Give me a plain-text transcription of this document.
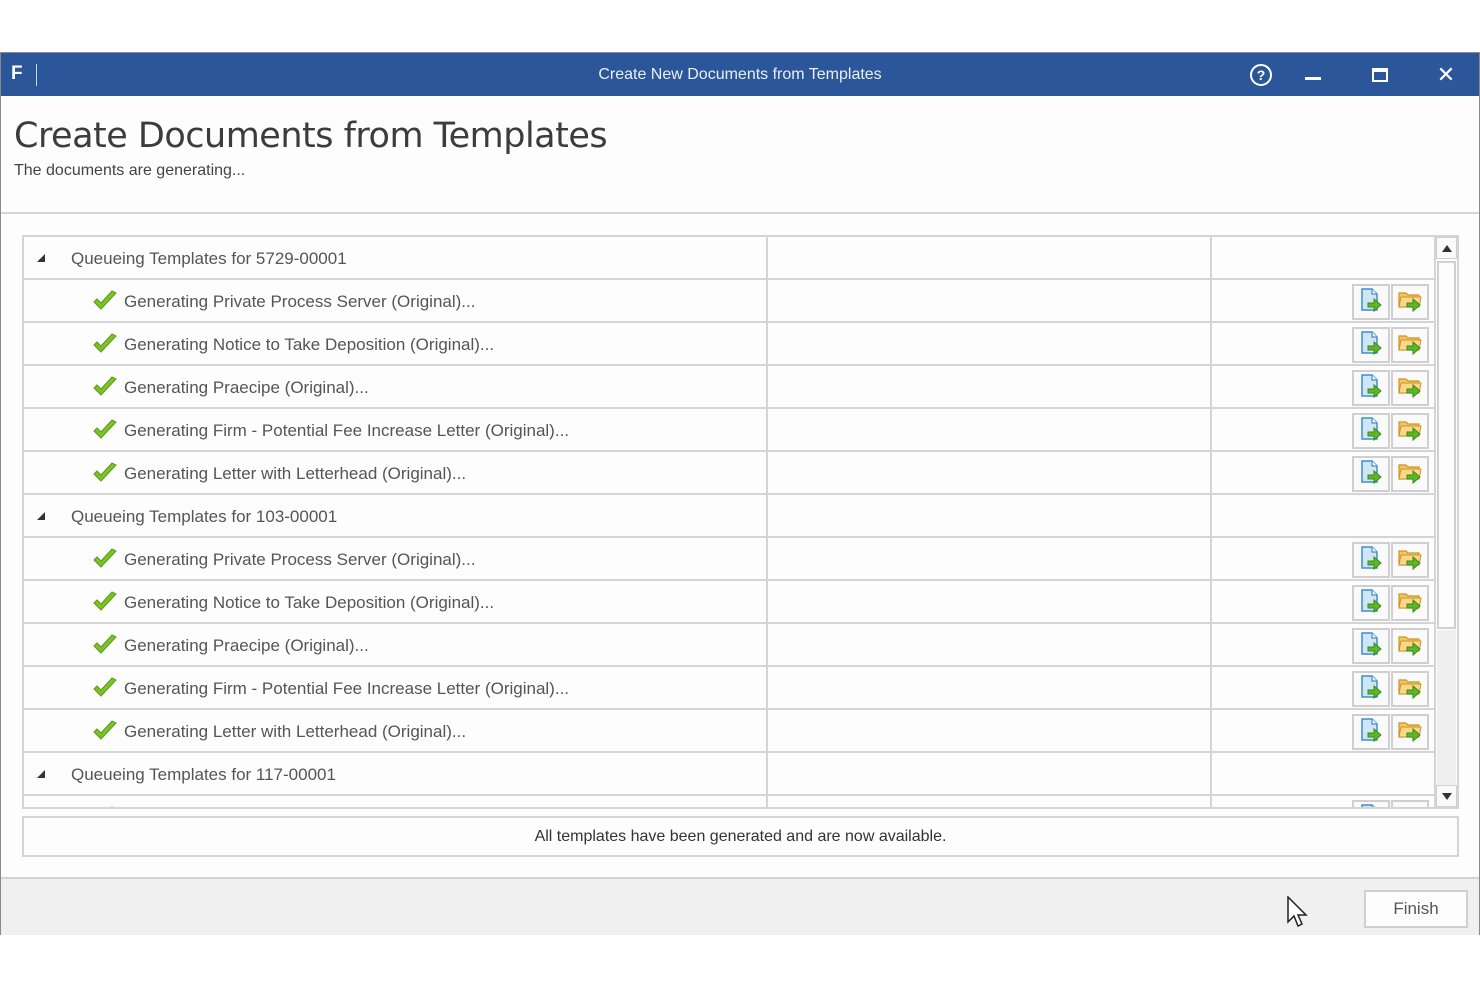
F	Create New Documents from Templates	?	✕
Create Documents from Templates
The documents are generating...
Queueing Templates for 5729-00001
Generating Private Process Server (Original)...
Generating Notice to Take Deposition (Original)...
Generating Praecipe (Original)...
Generating Firm - Potential Fee Increase Letter (Original)...
Generating Letter with Letterhead (Original)...
Queueing Templates for 103-00001
Generating Private Process Server (Original)...
Generating Notice to Take Deposition (Original)...
Generating Praecipe (Original)...
Generating Firm - Potential Fee Increase Letter (Original)...
Generating Letter with Letterhead (Original)...
Queueing Templates for 117-00001
All templates have been generated and are now available.
Finish
